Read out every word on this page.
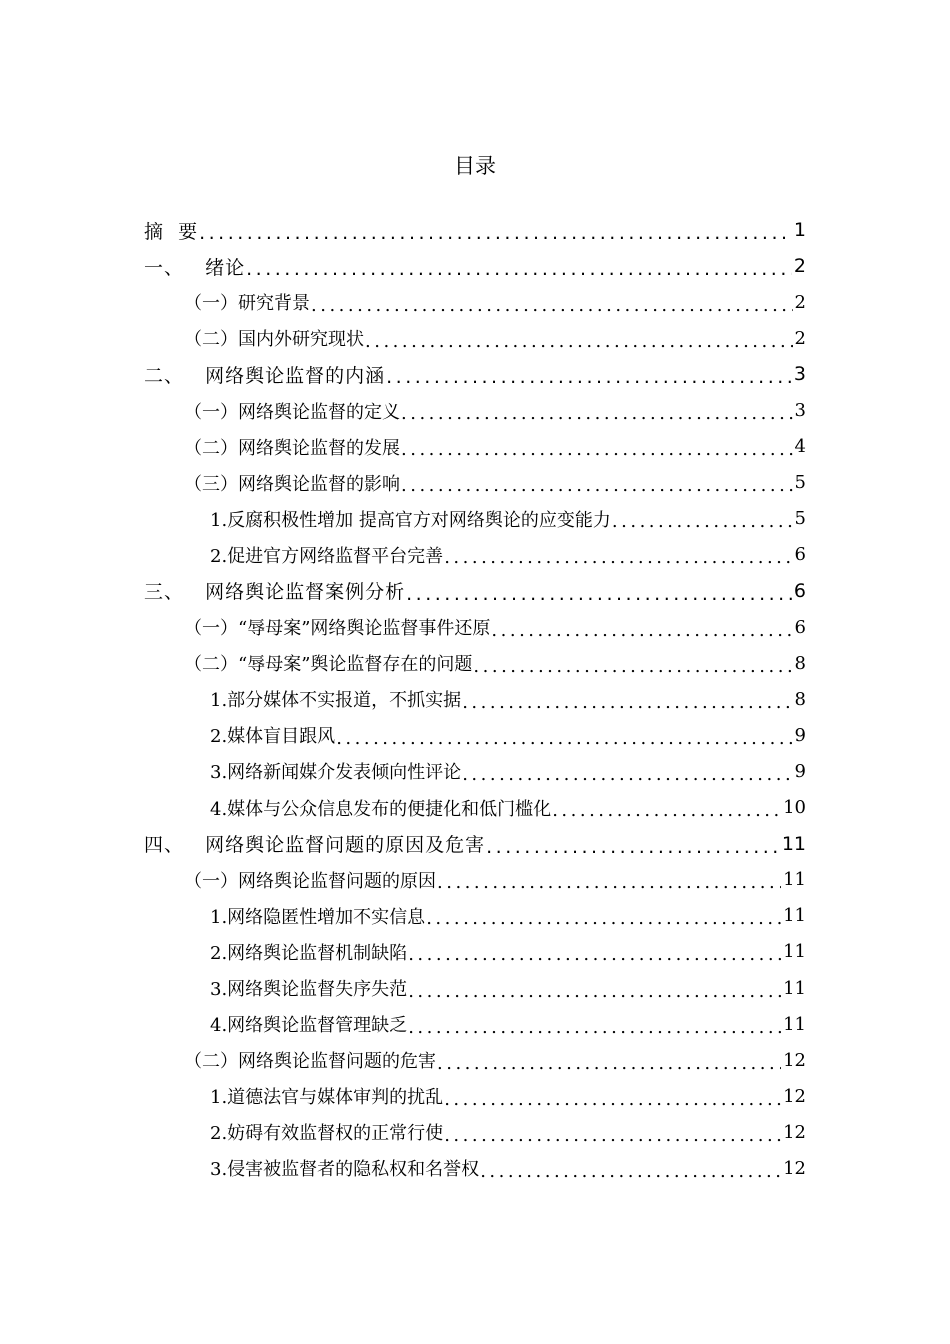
目录
摘  要 .....	1
一、   绪论 .....	2
（一）研究背景 .....	2
（二）国内外研究现状 .....	2
二、   网络舆论监督的内涵 .....	3
（一）网络舆论监督的定义 .....	3
（二）网络舆论监督的发展 .....	4
（三）网络舆论监督的影响 .....	5
1.反腐积极性增加 提高官方对网络舆论的应变能力 .....	5
2.促进官方网络监督平台完善 .....	6
三、   网络舆论监督案例分析 .....	6
（一）“辱母案”网络舆论监督事件还原 .....	6
（二）“辱母案”舆论监督存在的问题 .....	8
1.部分媒体不实报道，不抓实据 .....	8
2.媒体盲目跟风 .....	9
3.网络新闻媒介发表倾向性评论 .....	9
4.媒体与公众信息发布的便捷化和低门槛化 .....	10
四、   网络舆论监督问题的原因及危害 .....	11
（一）网络舆论监督问题的原因 .....	11
1.网络隐匿性增加不实信息 .....	11
2.网络舆论监督机制缺陷 .....	11
3.网络舆论监督失序失范 .....	11
4.网络舆论监督管理缺乏 .....	11
（二）网络舆论监督问题的危害 .....	12
1.道德法官与媒体审判的扰乱 .....	12
2.妨碍有效监督权的正常行使 .....	12
3.侵害被监督者的隐私权和名誉权 .....	12
